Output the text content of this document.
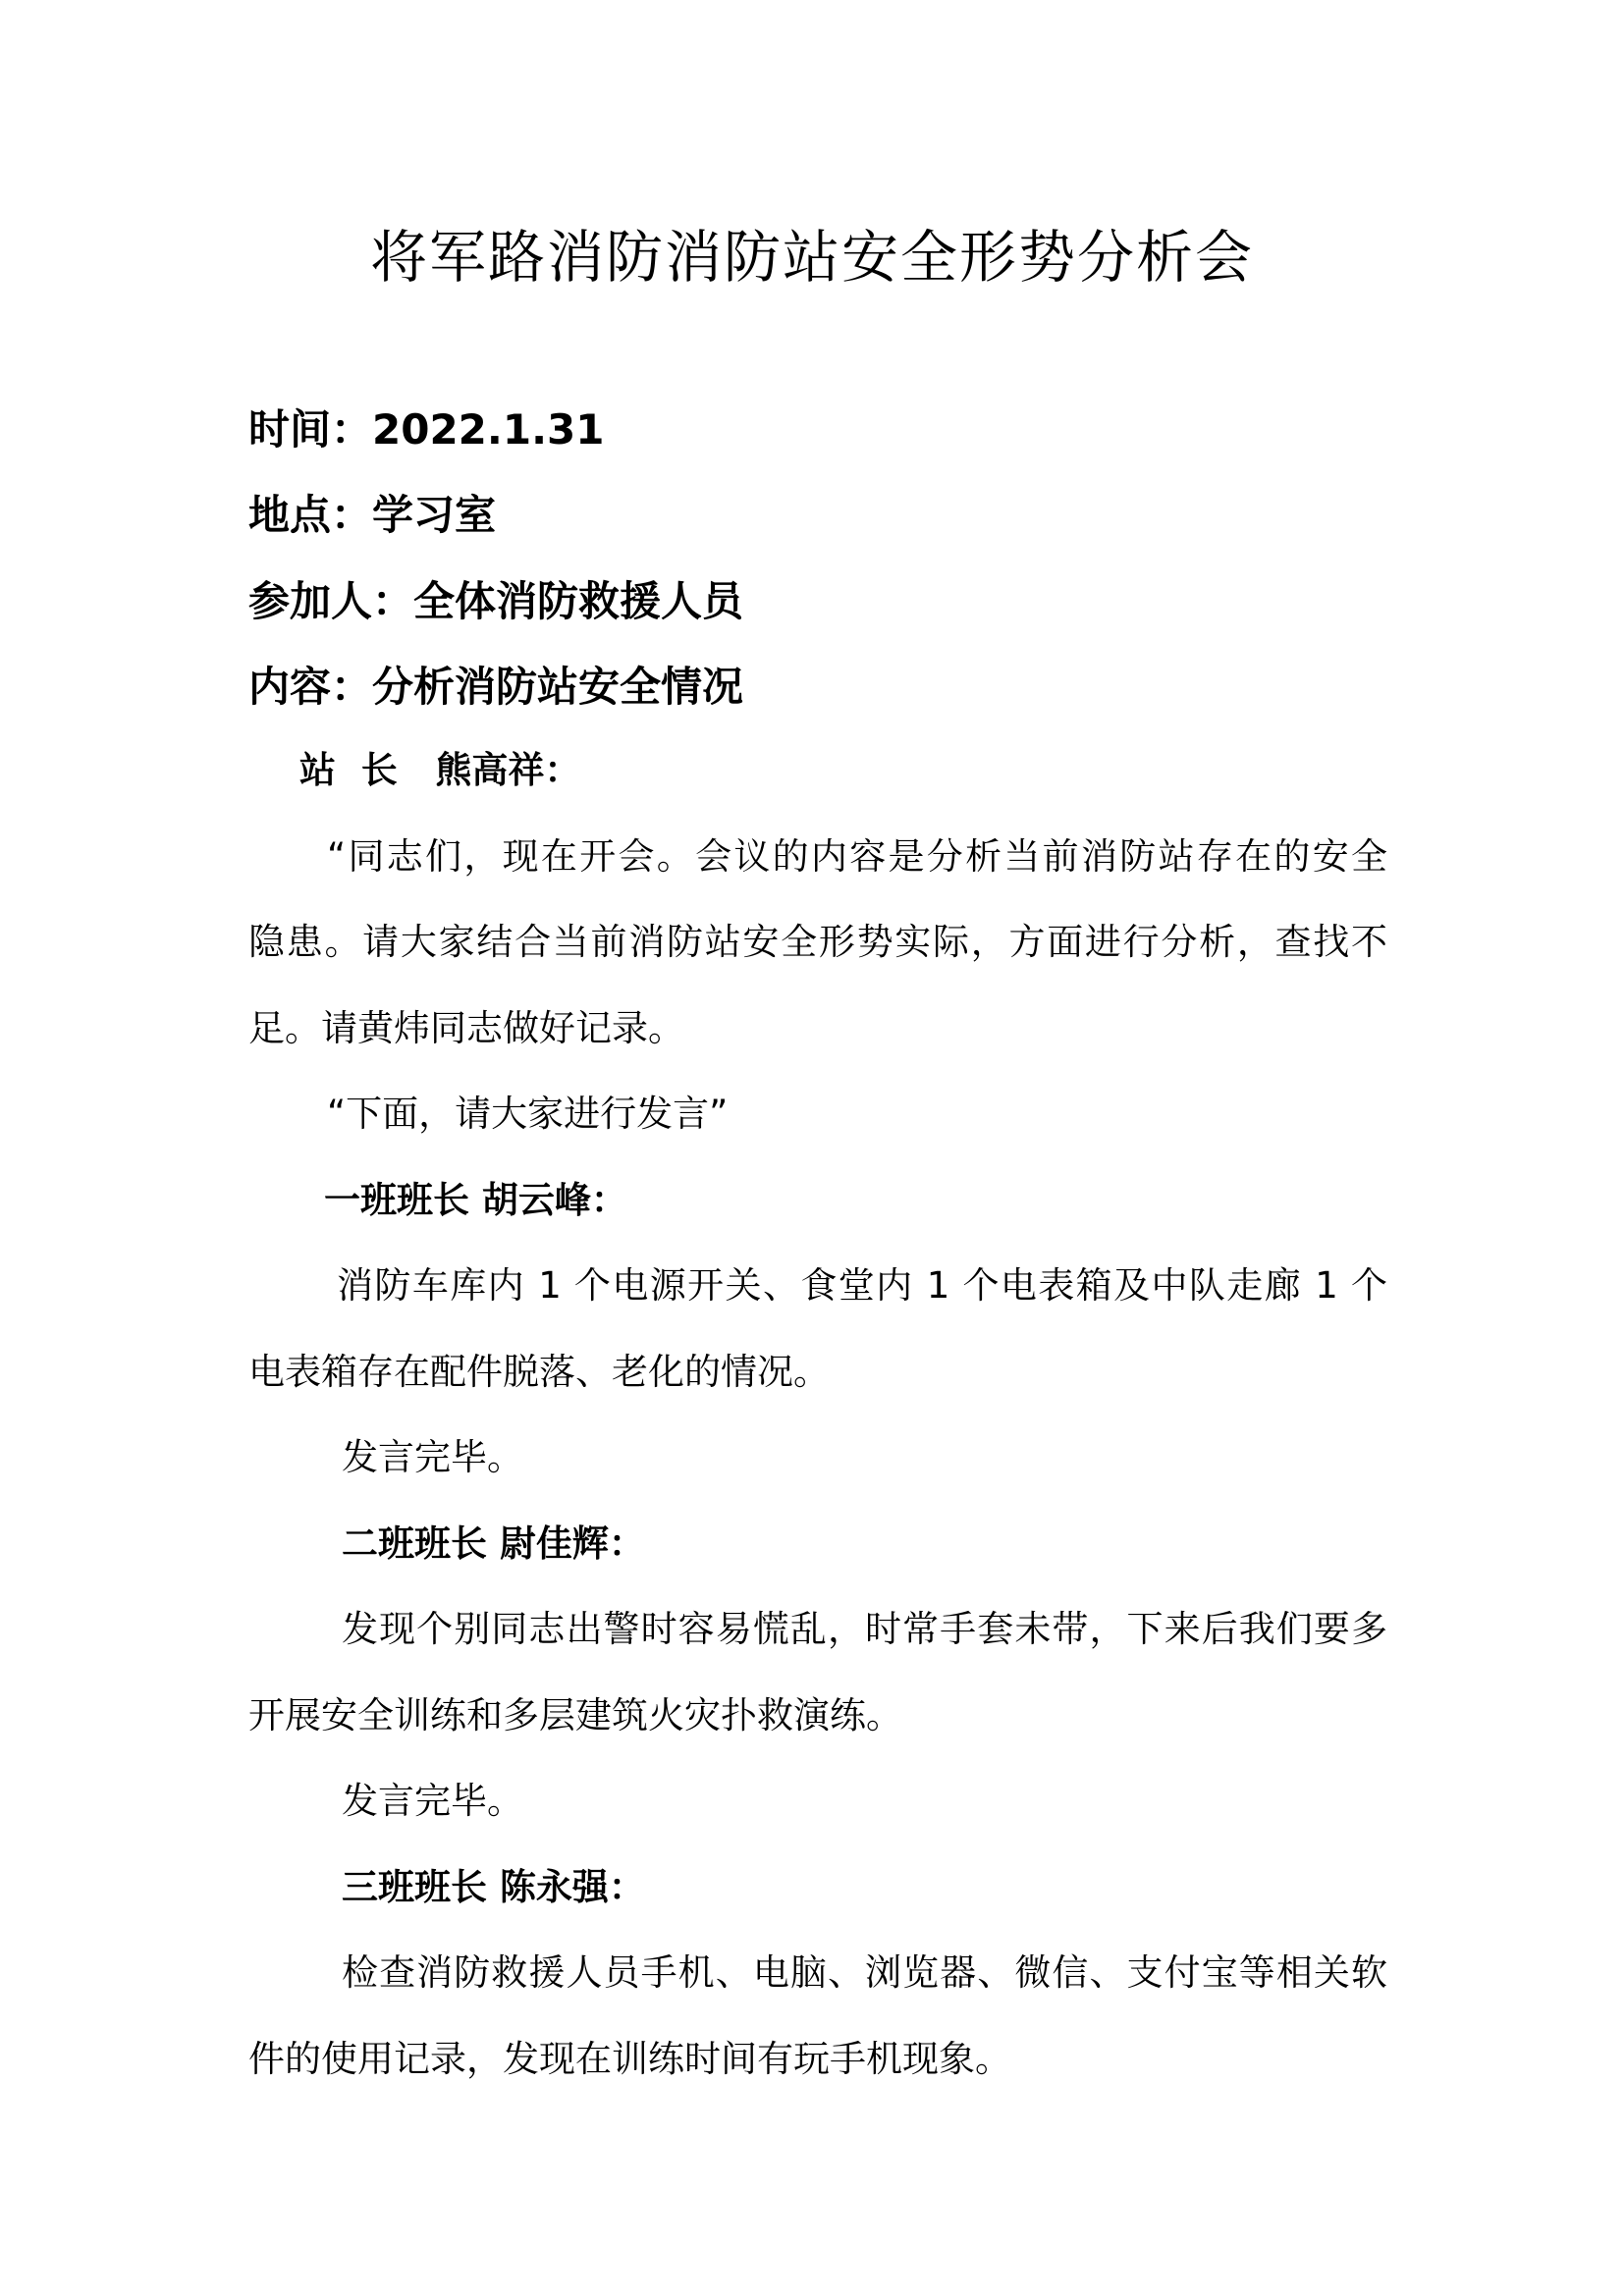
将军路消防消防站安全形势分析会
时间：2022.1.31
地点：学习室
参加人：全体消防救援人员
内容：分析消防站安全情况
站  长   熊高祥：
“同志们，现在开会。会议的内容是分析当前消防站存在的安全
隐患。请大家结合当前消防站安全形势实际，方面进行分析，查找不
足。请黄炜同志做好记录。
“下面，请大家进行发言”
一班班长 胡云峰：
消防车库内 1 个电源开关、食堂内 1 个电表箱及中队走廊 1 个
电表箱存在配件脱落、老化的情况。
发言完毕。
二班班长 尉佳辉：
发现个别同志出警时容易慌乱，时常手套未带，下来后我们要多
开展安全训练和多层建筑火灾扑救演练。
发言完毕。
三班班长 陈永强：
检查消防救援人员手机、电脑、浏览器、微信、支付宝等相关软
件的使用记录，发现在训练时间有玩手机现象。
